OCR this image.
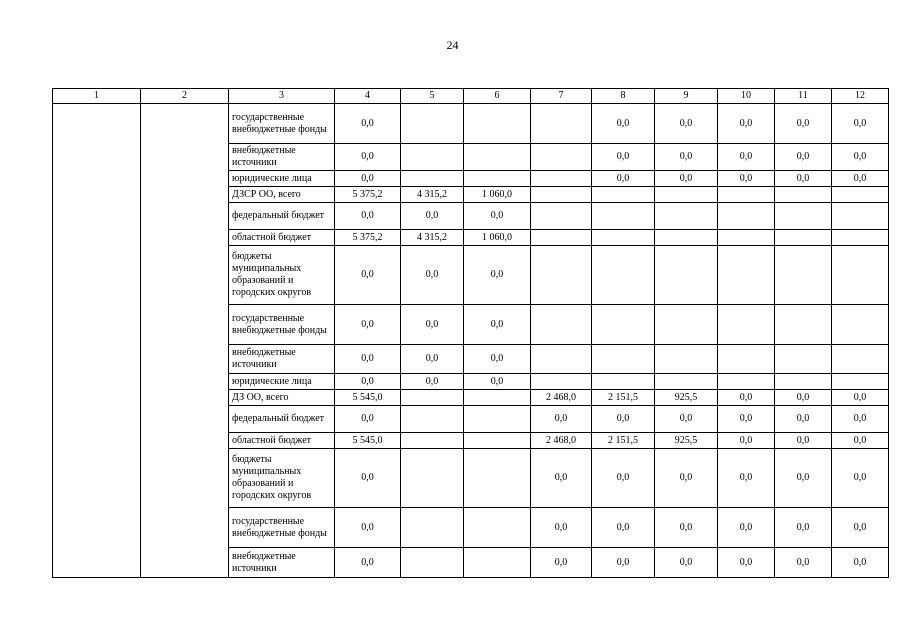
24
1	2	3	4	5	6	7	8	9	10	11	12
		государственные внебюджетные фонды	0,0				0,0	0,0	0,0	0,0	0,0
		внебюджетные источники	0,0				0,0	0,0	0,0	0,0	0,0
		юридические лица	0,0				0,0	0,0	0,0	0,0	0,0
		ДЗСР ОО, всего	5 375,2	4 315,2	1 060,0						
		федеральный бюджет	0,0	0,0	0,0						
		областной бюджет	5 375,2	4 315,2	1 060,0						
		бюджеты муниципальных образований и городских округов	0,0	0,0	0,0						
		государственные внебюджетные фонды	0,0	0,0	0,0						
		внебюджетные источники	0,0	0,0	0,0						
		юридические лица	0,0	0,0	0,0						
		ДЗ ОО, всего	5 545,0			2 468,0	2 151,5	925,5	0,0	0,0	0,0
		федеральный бюджет	0,0			0,0	0,0	0,0	0,0	0,0	0,0
		областной бюджет	5 545,0			2 468,0	2 151,5	925,5	0,0	0,0	0,0
		бюджеты муниципальных образований и городских округов	0,0			0,0	0,0	0,0	0,0	0,0	0,0
		государственные внебюджетные фонды	0,0			0,0	0,0	0,0	0,0	0,0	0,0
		внебюджетные источники	0,0			0,0	0,0	0,0	0,0	0,0	0,0
